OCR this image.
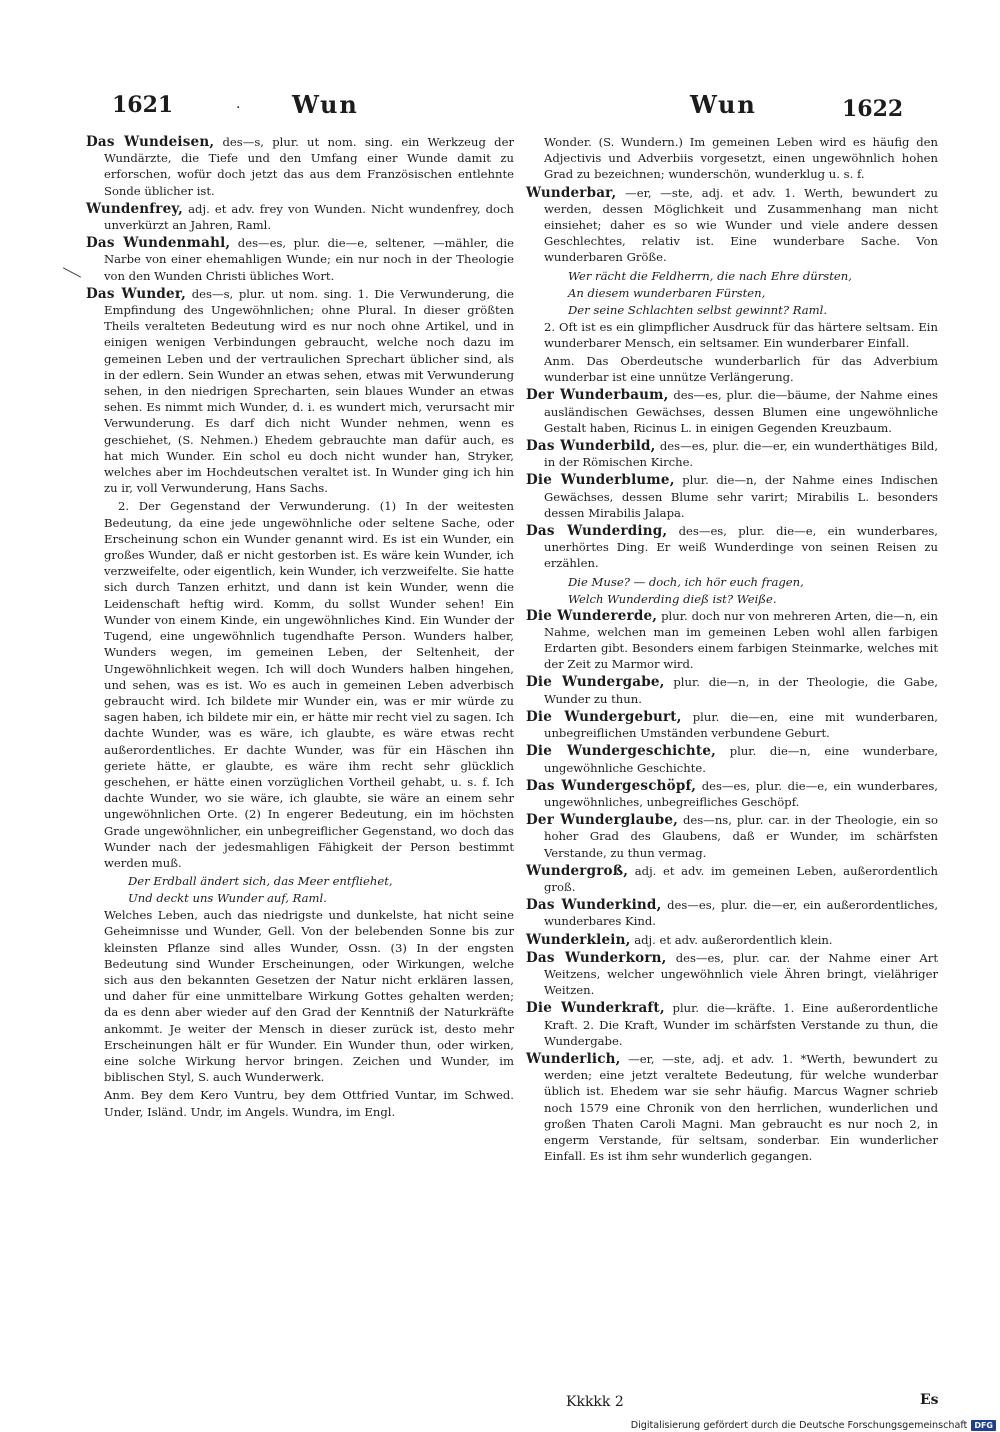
1621	· Wun	Wun	1622

Das Wundeisen, des—s, plur. ut nom. sing. ein Werkzeug der Wundärzte, die Tiefe und den Umfang einer Wunde damit zu erforschen, wofür doch jetzt das aus dem Französischen entlehnte Sonde üblicher ist.

Wundenfrey, adj. et adv. frey von Wunden. Nicht wundenfrey, doch unverkürzt an Jahren, Raml.

Das Wundenmahl, des—es, plur. die—e, seltener, —mähler, die Narbe von einer ehemahligen Wunde; ein nur noch in der Theologie von den Wunden Christi übliches Wort.

Das Wunder, des—s, plur. ut nom. sing. 1. Die Verwunderung, die Empfindung des Ungewöhnlichen; ohne Plural. In dieser größten Theils veralteten Bedeutung wird es nur noch ohne Artikel, und in einigen wenigen Verbindungen gebraucht, welche noch dazu im gemeinen Leben und der vertraulichen Sprechart üblicher sind, als in der edlern. Sein Wunder an etwas sehen, etwas mit Verwunderung sehen, in den niedrigen Sprecharten, sein blaues Wunder an etwas sehen. Es nimmt mich Wunder, d. i. es wundert mich, verursacht mir Verwunderung. Es darf dich nicht Wunder nehmen, wenn es geschiehet, (S. Nehmen.) Ehedem gebrauchte man dafür auch, es hat mich Wunder. Ein schol eu doch nicht wunder han, Stryker, welches aber im Hochdeutschen veraltet ist. In Wunder ging ich hin zu ir, voll Verwunderung, Hans Sachs.

2. Der Gegenstand der Verwunderung. (1) In der weitesten Bedeutung, da eine jede ungewöhnliche oder seltene Sache, oder Erscheinung schon ein Wunder genannt wird. Es ist ein Wunder, ein großes Wunder, daß er nicht gestorben ist. Es wäre kein Wunder, ich verzweifelte, oder eigentlich, kein Wunder, ich verzweifelte. Sie hatte sich durch Tanzen erhitzt, und dann ist kein Wunder, wenn die Leidenschaft heftig wird. Komm, du sollst Wunder sehen! Ein Wunder von einem Kinde, ein ungewöhnliches Kind. Ein Wunder der Tugend, eine ungewöhnlich tugendhafte Person. Wunders halber, Wunders wegen, im gemeinen Leben, der Seltenheit, der Ungewöhnlichkeit wegen. Ich will doch Wunders halben hingehen, und sehen, was es ist. Wo es auch in gemeinen Leben adverbisch gebraucht wird. Ich bildete mir Wunder ein, was er mir würde zu sagen haben, ich bildete mir ein, er hätte mir recht viel zu sagen. Ich dachte Wunder, was es wäre, ich glaubte, es wäre etwas recht außerordentliches. Er dachte Wunder, was für ein Häschen ihn geriete hätte, er glaubte, es wäre ihm recht sehr glücklich geschehen, er hätte einen vorzüglichen Vortheil gehabt, u. s. f. Ich dachte Wunder, wo sie wäre, ich glaubte, sie wäre an einem sehr ungewöhnlichen Orte. (2) In engerer Bedeutung, ein im höchsten Grade ungewöhnlicher, ein unbegreiflicher Gegenstand, wo doch das Wunder nach der jedesmahligen Fähigkeit der Person bestimmt werden muß.

Der Erdball ändert sich, das Meer entfliehet,
Und deckt uns Wunder auf, Raml.

Welches Leben, auch das niedrigste und dunkelste, hat nicht seine Geheimnisse und Wunder, Gell. Von der belebenden Sonne bis zur kleinsten Pflanze sind alles Wunder, Ossn. (3) In der engsten Bedeutung sind Wunder Erscheinungen, oder Wirkungen, welche sich aus den bekannten Gesetzen der Natur nicht erklären lassen, und daher für eine unmittelbare Wirkung Gottes gehalten werden; da es denn aber wieder auf den Grad der Kenntniß der Naturkräfte ankommt. Je weiter der Mensch in dieser zurück ist, desto mehr Erscheinungen hält er für Wunder. Ein Wunder thun, oder wirken, eine solche Wirkung hervor bringen. Zeichen und Wunder, im biblischen Styl, S. auch Wunderwerk.

Anm. Bey dem Kero Vuntru, bey dem Ottfried Vuntar, im Schwed. Under, Isländ. Undr, im Angels. Wundra, im Engl.

Wonder. (S. Wundern.) Im gemeinen Leben wird es häufig den Adjectivis und Adverbiis vorgesetzt, einen ungewöhnlich hohen Grad zu bezeichnen; wunderschön, wunderklug u. s. f.

Wunderbar, —er, —ste, adj. et adv. 1. Werth, bewundert zu werden, dessen Möglichkeit und Zusammenhang man nicht einsiehet; daher es so wie Wunder und viele andere dessen Geschlechtes, relativ ist. Eine wunderbare Sache. Von wunderbaren Größe.

Wer rächt die Feldherrn, die nach Ehre dürsten,
An diesem wunderbaren Fürsten,
Der seine Schlachten selbst gewinnt? Raml.

2. Oft ist es ein glimpflicher Ausdruck für das härtere seltsam. Ein wunderbarer Mensch, ein seltsamer. Ein wunderbarer Einfall.

Anm. Das Oberdeutsche wunderbarlich für das Adverbium wunderbar ist eine unnütze Verlängerung.

Der Wunderbaum, des—es, plur. die—bäume, der Nahme eines ausländischen Gewächses, dessen Blumen eine ungewöhnliche Gestalt haben, Ricinus L. in einigen Gegenden Kreuzbaum.

Das Wunderbild, des—es, plur. die—er, ein wunderthätiges Bild, in der Römischen Kirche.

Die Wunderblume, plur. die—n, der Nahme eines Indischen Gewächses, dessen Blume sehr varirt; Mirabilis L. besonders dessen Mirabilis Jalapa.

Das Wunderding, des—es, plur. die—e, ein wunderbares, unerhörtes Ding. Er weiß Wunderdinge von seinen Reisen zu erzählen.

Die Muse? — doch, ich hör euch fragen,
Welch Wunderding dieß ist? Weiße.

Die Wundererde, plur. doch nur von mehreren Arten, die—n, ein Nahme, welchen man im gemeinen Leben wohl allen farbigen Erdarten gibt. Besonders einem farbigen Steinmarke, welches mit der Zeit zu Marmor wird.

Die Wundergabe, plur. die—n, in der Theologie, die Gabe, Wunder zu thun.

Die Wundergeburt, plur. die—en, eine mit wunderbaren, unbegreiflichen Umständen verbundene Geburt.

Die Wundergeschichte, plur. die—n, eine wunderbare, ungewöhnliche Geschichte.

Das Wundergeschöpf, des—es, plur. die—e, ein wunderbares, ungewöhnliches, unbegreifliches Geschöpf.

Der Wunderglaube, des—ns, plur. car. in der Theologie, ein so hoher Grad des Glaubens, daß er Wunder, im schärfsten Verstande, zu thun vermag.

Wundergroß, adj. et adv. im gemeinen Leben, außerordentlich groß.

Das Wunderkind, des—es, plur. die—er, ein außerordentliches, wunderbares Kind.

Wunderklein, adj. et adv. außerordentlich klein.

Das Wunderkorn, des—es, plur. car. der Nahme einer Art Weitzens, welcher ungewöhnlich viele Ähren bringt, vielähriger Weitzen.

Die Wunderkraft, plur. die—kräfte. 1. Eine außerordentliche Kraft. 2. Die Kraft, Wunder im schärfsten Verstande zu thun, die Wundergabe.

Wunderlich, —er, —ste, adj. et adv. 1. *Werth, bewundert zu werden; eine jetzt veraltete Bedeutung, für welche wunderbar üblich ist. Ehedem war sie sehr häufig. Marcus Wagner schrieb noch 1579 eine Chronik von den herrlichen, wunderlichen und großen Thaten Caroli Magni. Man gebraucht es nur noch 2, in engerm Verstande, für seltsam, sonderbar. Ein wunderlicher Einfall. Es ist ihm sehr wunderlich gegangen.

Kkkkk 2	Es
Digitalisierung gefördert durch die Deutsche Forschungsgemeinschaft DFG
